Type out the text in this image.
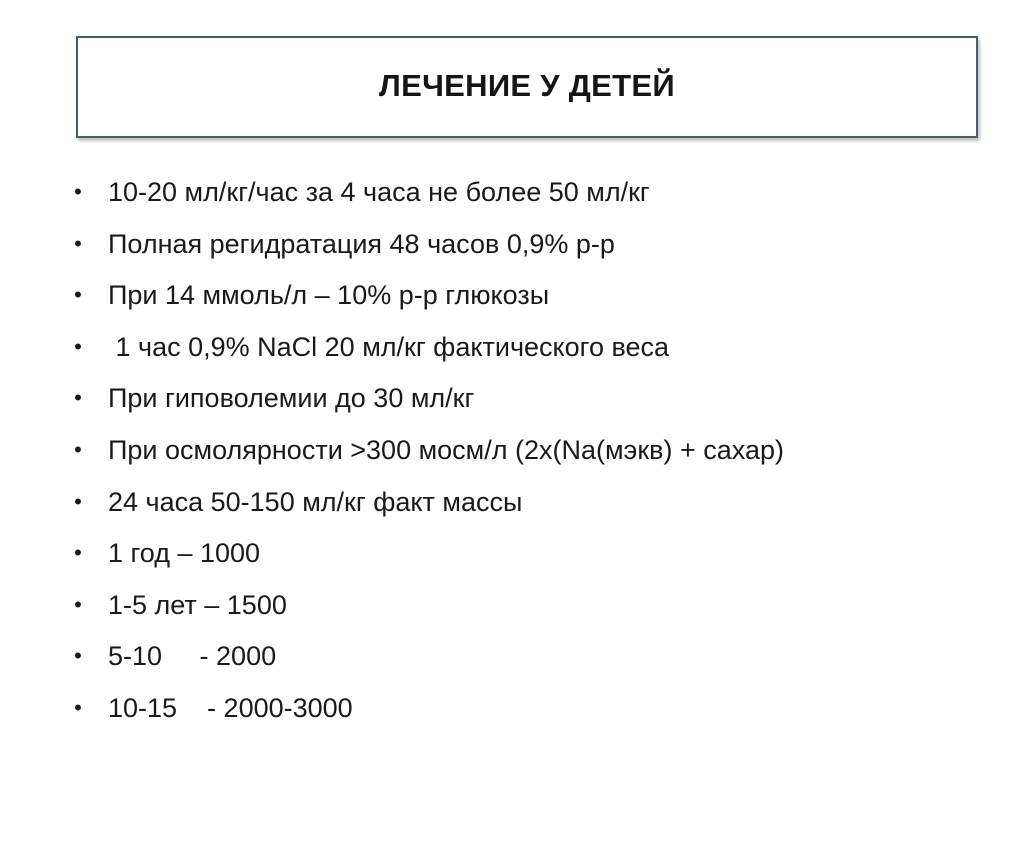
ЛЕЧЕНИЕ У ДЕТЕЙ

•

10-20 мл/кг/час за 4 часа не более 50 мл/кг

•

Полная регидратация 48 часов 0,9% р-р

•

При 14 ммоль/л – 10% р-р глюкозы

•

1 час 0,9% NaCl 20 мл/кг фактического веса

•

При гиповолемии до 30 мл/кг

•

При осмолярности >300 мосм/л (2х(Na(мэкв) + сахар)

•

24 часа 50-150 мл/кг факт массы

•

1 год – 1000

•

1-5 лет – 1500

•

5-10     - 2000

•

10-15    - 2000-3000
